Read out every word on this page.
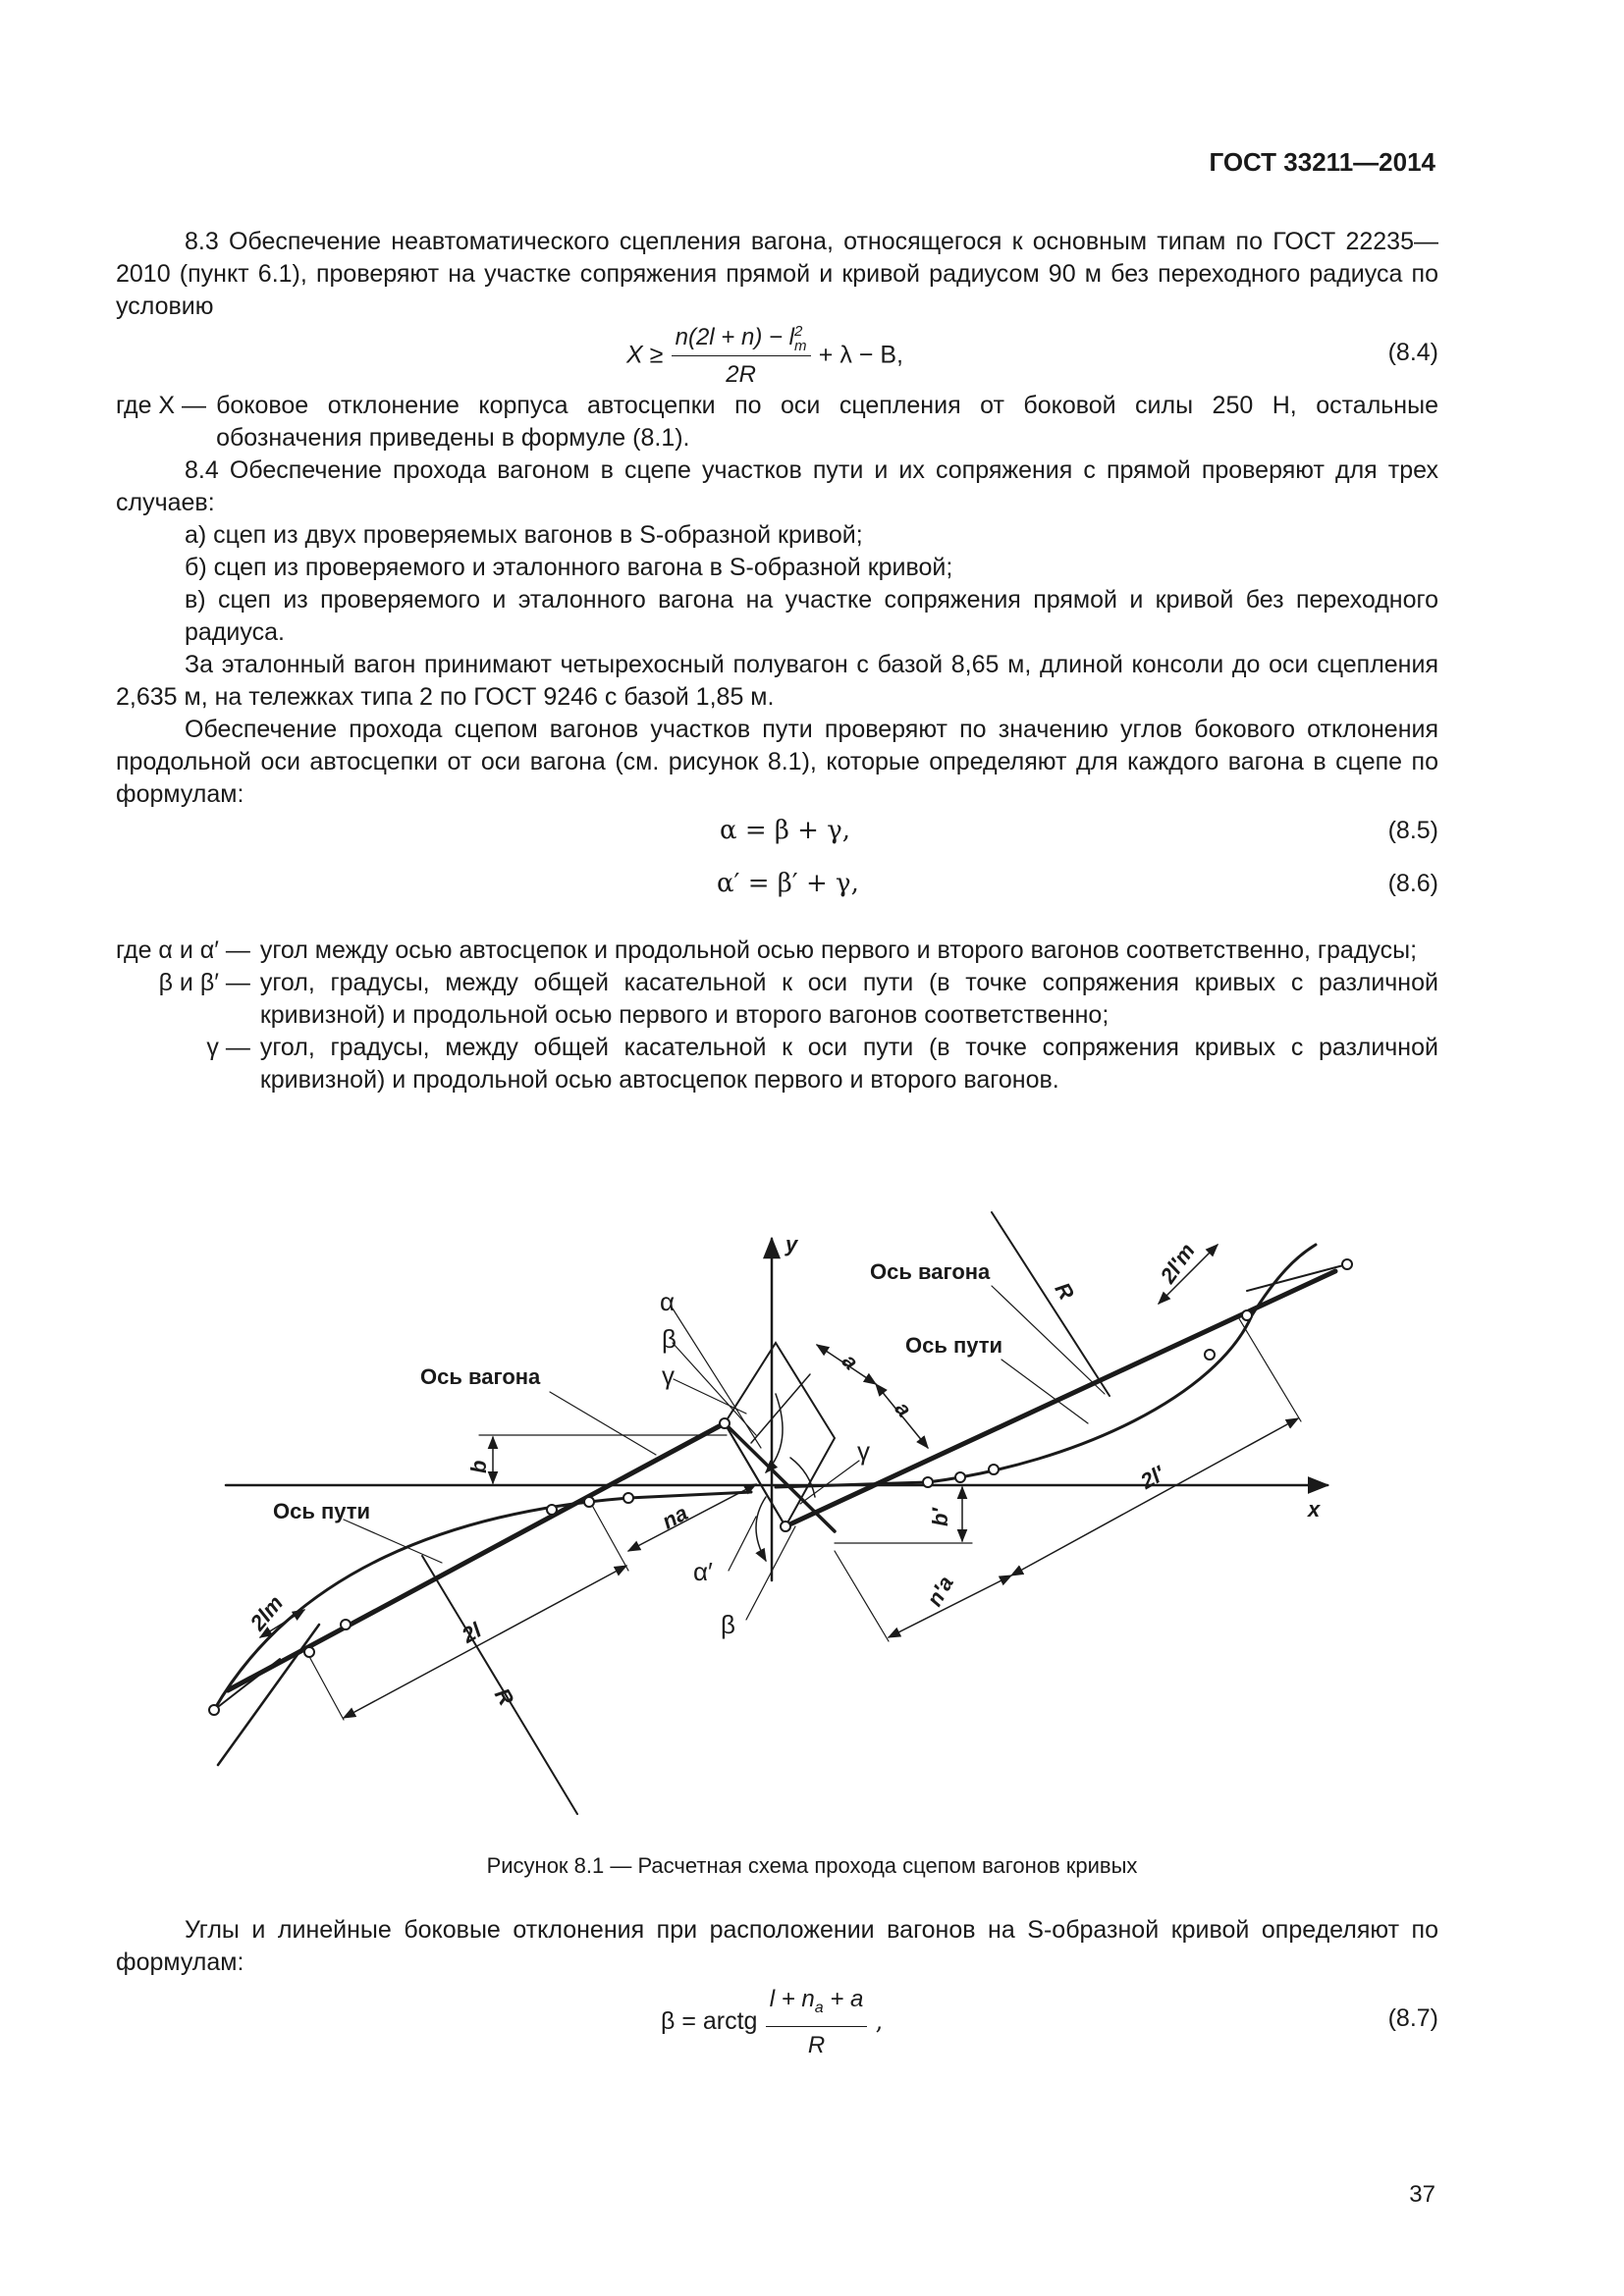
ГОСТ 33211—2014

8.3 Обеспечение неавтоматического сцепления вагона, относящегося к основным типам по ГОСТ 22235—2010 (пункт 6.1), проверяют на участке сопряжения прямой и кривой радиусом 90 м без переходного радиуса по условию

X ≥ n(2l + n) − l 2
т
2R + λ − B,	(8.4)
где X — боковое отклонение корпуса автосцепки по оси сцепления от боковой силы 250 Н, остальные обозначения приведены в формуле (8.1).

8.4 Обеспечение прохода вагоном в сцепе участков пути и их сопряжения с прямой проверяют для трех случаев:

а) сцеп из двух проверяемых вагонов в S-образной кривой;

б) сцеп из проверяемого и эталонного вагона в S-образной кривой;

в) сцеп из проверяемого и эталонного вагона на участке сопряжения прямой и кривой без переходного радиуса.

За эталонный вагон принимают четырехосный полувагон с базой 8,65 м, длиной консоли до оси сцепления 2,635 м, на тележках типа 2 по ГОСТ 9246 с базой 1,85 м.

Обеспечение прохода сцепом вагонов участков пути проверяют по значению углов бокового отклонения продольной оси автосцепки от оси вагона (см. рисунок 8.1), которые определяют для каждого вагона в сцепе по формулам:

α = β + γ,	(8.5)
α′ = β′ + γ,	(8.6)
где α и α′ — угол между осью автосцепок и продольной осью первого и второго вагонов соответственно, градусы;
β и β′ — угол, градусы, между общей касательной к оси пути (в точке сопряжения кривых с различной кривизной) и продольной осью первого и второго вагонов соответственно;
γ — угол, градусы, между общей касательной к оси пути (в точке сопряжения кривых с различной кривизной) и продольной осью автосцепок первого и второго вагонов.
y
x
α
β
γ
Ось вагона
Ось пути
Ось вагона
Ось пути
b
b′
a
a
na
n′a
2l
2lт
2l′
2l′т
R
R
γ
α′
β
Рисунок 8.1 — Расчетная схема прохода сцепом вагонов кривых

Углы и линейные боковые отклонения при расположении вагонов на S-образной кривой определяют по формулам:

β = arctg $\frac{l + n_a + a}{R}$ ,	(8.7)
37
